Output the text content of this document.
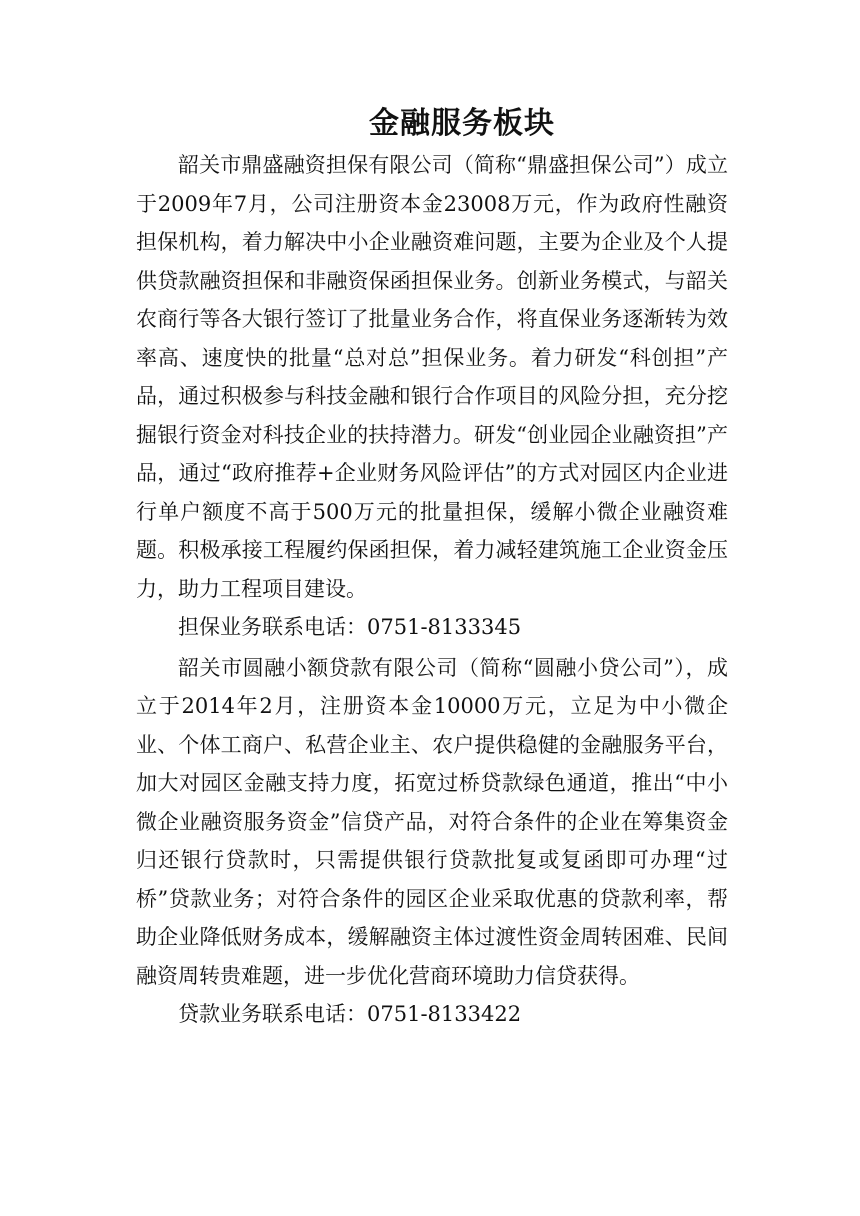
金融服务板块

韶关市鼎盛融资担保有限公司（简称“鼎盛担保公司”）成立于2009年7月，公司注册资本金23008万元，作为政府性融资担保机构，着力解决中小企业融资难问题，主要为企业及个人提供贷款融资担保和非融资保函担保业务。创新业务模式，与韶关农商行等各大银行签订了批量业务合作，将直保业务逐渐转为效率高、速度快的批量“总对总”担保业务。着力研发“科创担”产品，通过积极参与科技金融和银行合作项目的风险分担，充分挖掘银行资金对科技企业的扶持潜力。研发“创业园企业融资担”产品，通过“政府推荐+企业财务风险评估”的方式对园区内企业进行单户额度不高于500万元的批量担保，缓解小微企业融资难题。积极承接工程履约保函担保，着力减轻建筑施工企业资金压力，助力工程项目建设。

担保业务联系电话：0751-8133345

韶关市圆融小额贷款有限公司（简称“圆融小贷公司”），成立于2014年2月，注册资本金10000万元，立足为中小微企业、个体工商户、私营企业主、农户提供稳健的金融服务平台，加大对园区金融支持力度，拓宽过桥贷款绿色通道，推出“中小微企业融资服务资金”信贷产品，对符合条件的企业在筹集资金归还银行贷款时，只需提供银行贷款批复或复函即可办理“过桥”贷款业务；对符合条件的园区企业采取优惠的贷款利率，帮助企业降低财务成本，缓解融资主体过渡性资金周转困难、民间融资周转贵难题，进一步优化营商环境助力信贷获得。

贷款业务联系电话：0751-8133422
